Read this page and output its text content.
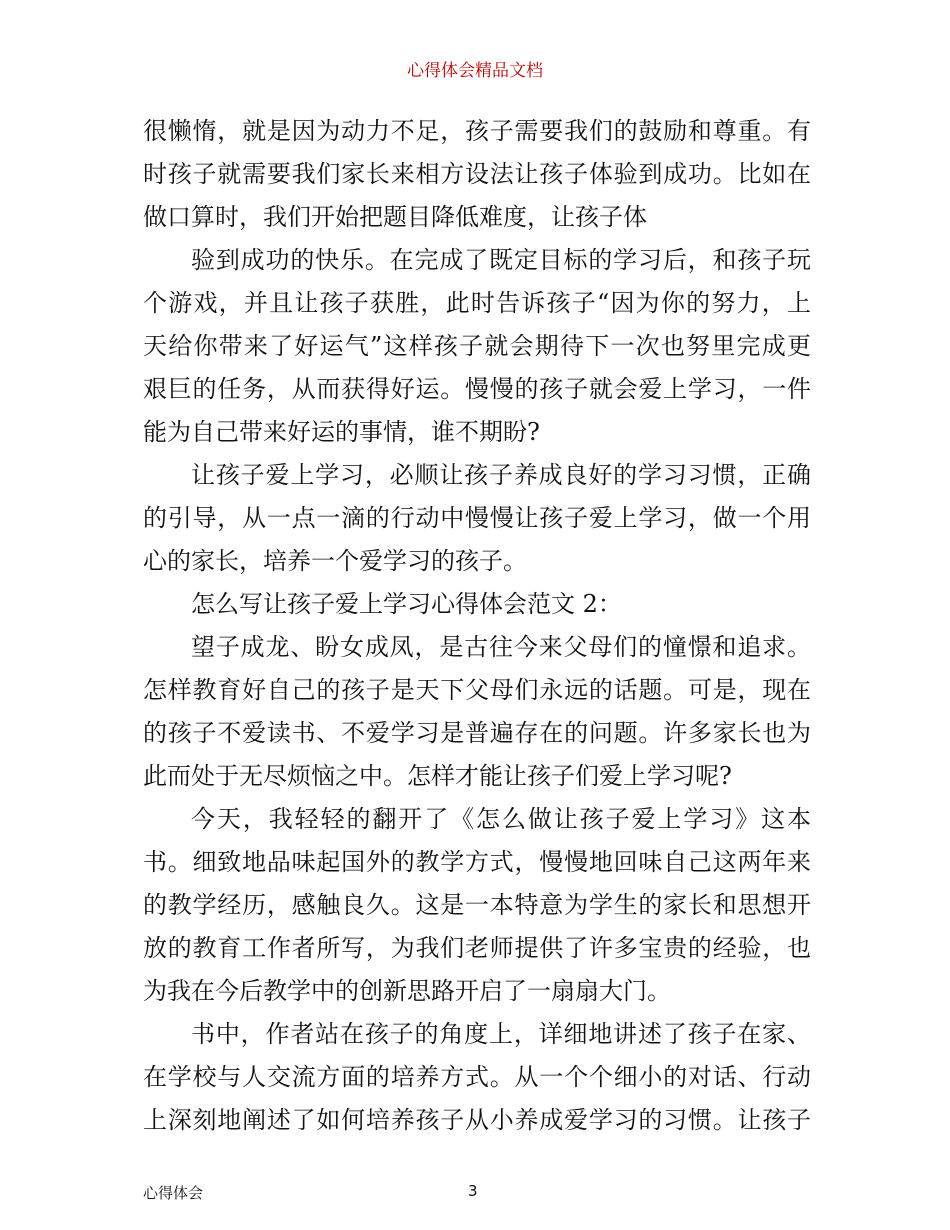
心得体会精品文档
很懒惰，就是因为动力不足，孩子需要我们的鼓励和尊重。有
时孩子就需要我们家长来相方设法让孩子体验到成功。比如在
做口算时，我们开始把题目降低难度，让孩子体
验到成功的快乐。在完成了既定目标的学习后，和孩子玩
个游戏，并且让孩子获胜，此时告诉孩子“因为你的努力，上
天给你带来了好运气”这样孩子就会期待下一次也努里完成更
艰巨的任务，从而获得好运。慢慢的孩子就会爱上学习，一件
能为自己带来好运的事情，谁不期盼?
让孩子爱上学习，必顺让孩子养成良好的学习习惯，正确
的引导，从一点一滴的行动中慢慢让孩子爱上学习，做一个用
心的家长，培养一个爱学习的孩子。
怎么写让孩子爱上学习心得体会范文 2：
望子成龙、盼女成凤，是古往今来父母们的憧憬和追求。
怎样教育好自己的孩子是天下父母们永远的话题。可是，现在
的孩子不爱读书、不爱学习是普遍存在的问题。许多家长也为
此而处于无尽烦恼之中。怎样才能让孩子们爱上学习呢?
今天，我轻轻的翻开了《怎么做让孩子爱上学习》这本
书。细致地品味起国外的教学方式，慢慢地回味自己这两年来
的教学经历，感触良久。这是一本特意为学生的家长和思想开
放的教育工作者所写，为我们老师提供了许多宝贵的经验，也
为我在今后教学中的创新思路开启了一扇扇大门。
书中，作者站在孩子的角度上，详细地讲述了孩子在家、
在学校与人交流方面的培养方式。从一个个细小的对话、行动
上深刻地阐述了如何培养孩子从小养成爱学习的习惯。让孩子
心得体会	3
